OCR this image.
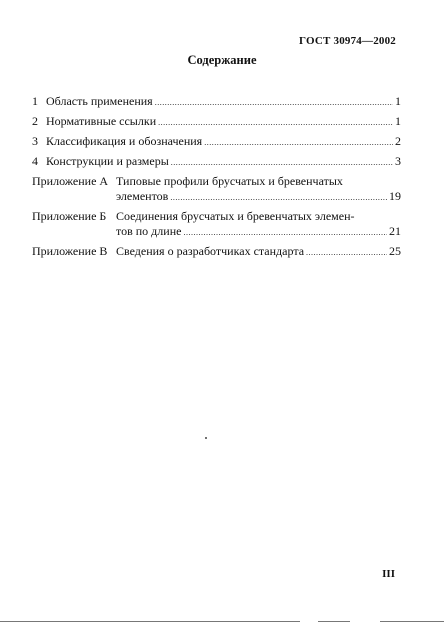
ГОСТ 30974—2002
Содержание
1 Область применения .....	1
2 Нормативные ссылки .....	1
3 Классификация и обозначения .....	2
4 Конструкции и размеры .....	3
Приложение А Типовые профили брусчатых и бревенчатых
элементов .....	19
Приложение Б Соединения брусчатых и бревенчатых элемен-
тов по длине .....	21
Приложение В Сведения о разработчиках стандарта .....	25
III
